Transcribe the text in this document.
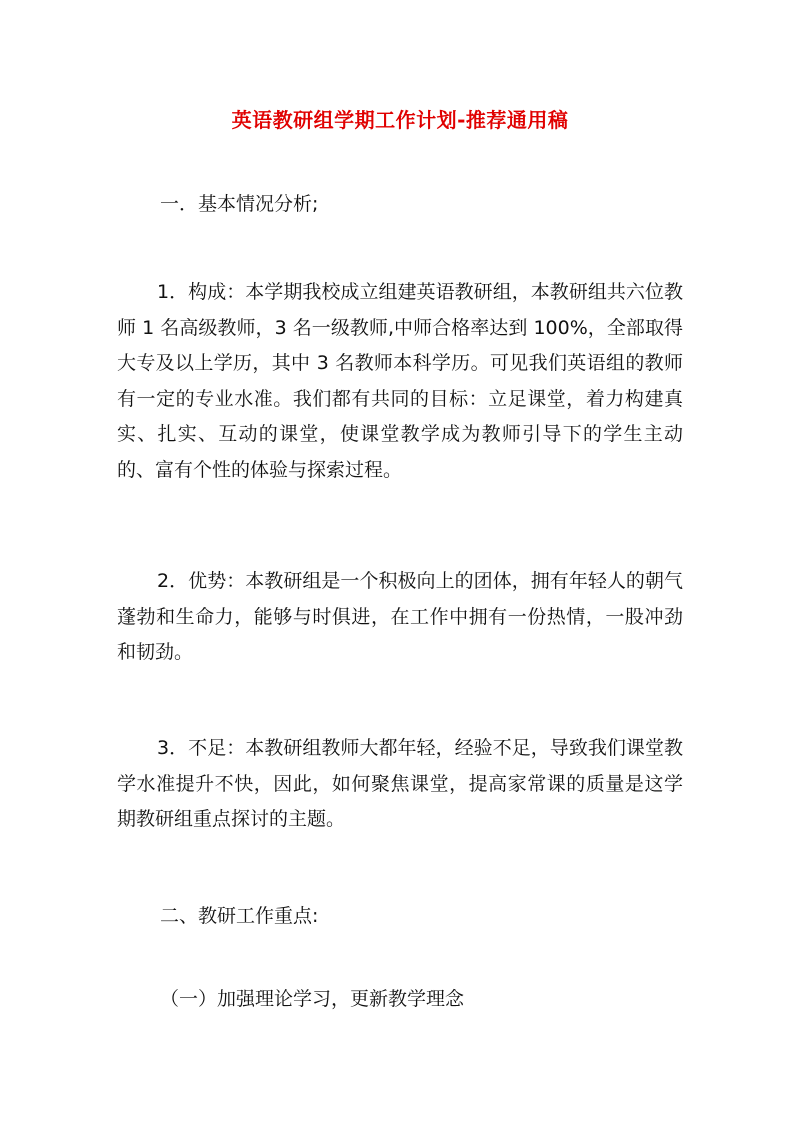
英语教研组学期工作计划-推荐通用稿
一．基本情况分析;
1．构成：本学期我校成立组建英语教研组，本教研组共六位教师 1 名高级教师，3 名一级教师,中师合格率达到 100%，全部取得大专及以上学历，其中 3 名教师本科学历。可见我们英语组的教师有一定的专业水准。我们都有共同的目标：立足课堂，着力构建真实、扎实、互动的课堂，使课堂教学成为教师引导下的学生主动的、富有个性的体验与探索过程。
2．优势：本教研组是一个积极向上的团体，拥有年轻人的朝气蓬勃和生命力，能够与时俱进，在工作中拥有一份热情，一股冲劲和韧劲。
3．不足：本教研组教师大都年轻，经验不足，导致我们课堂教学水准提升不快，因此，如何聚焦课堂，提高家常课的质量是这学期教研组重点探讨的主题。
二、教研工作重点:
（一）加强理论学习，更新教学理念
